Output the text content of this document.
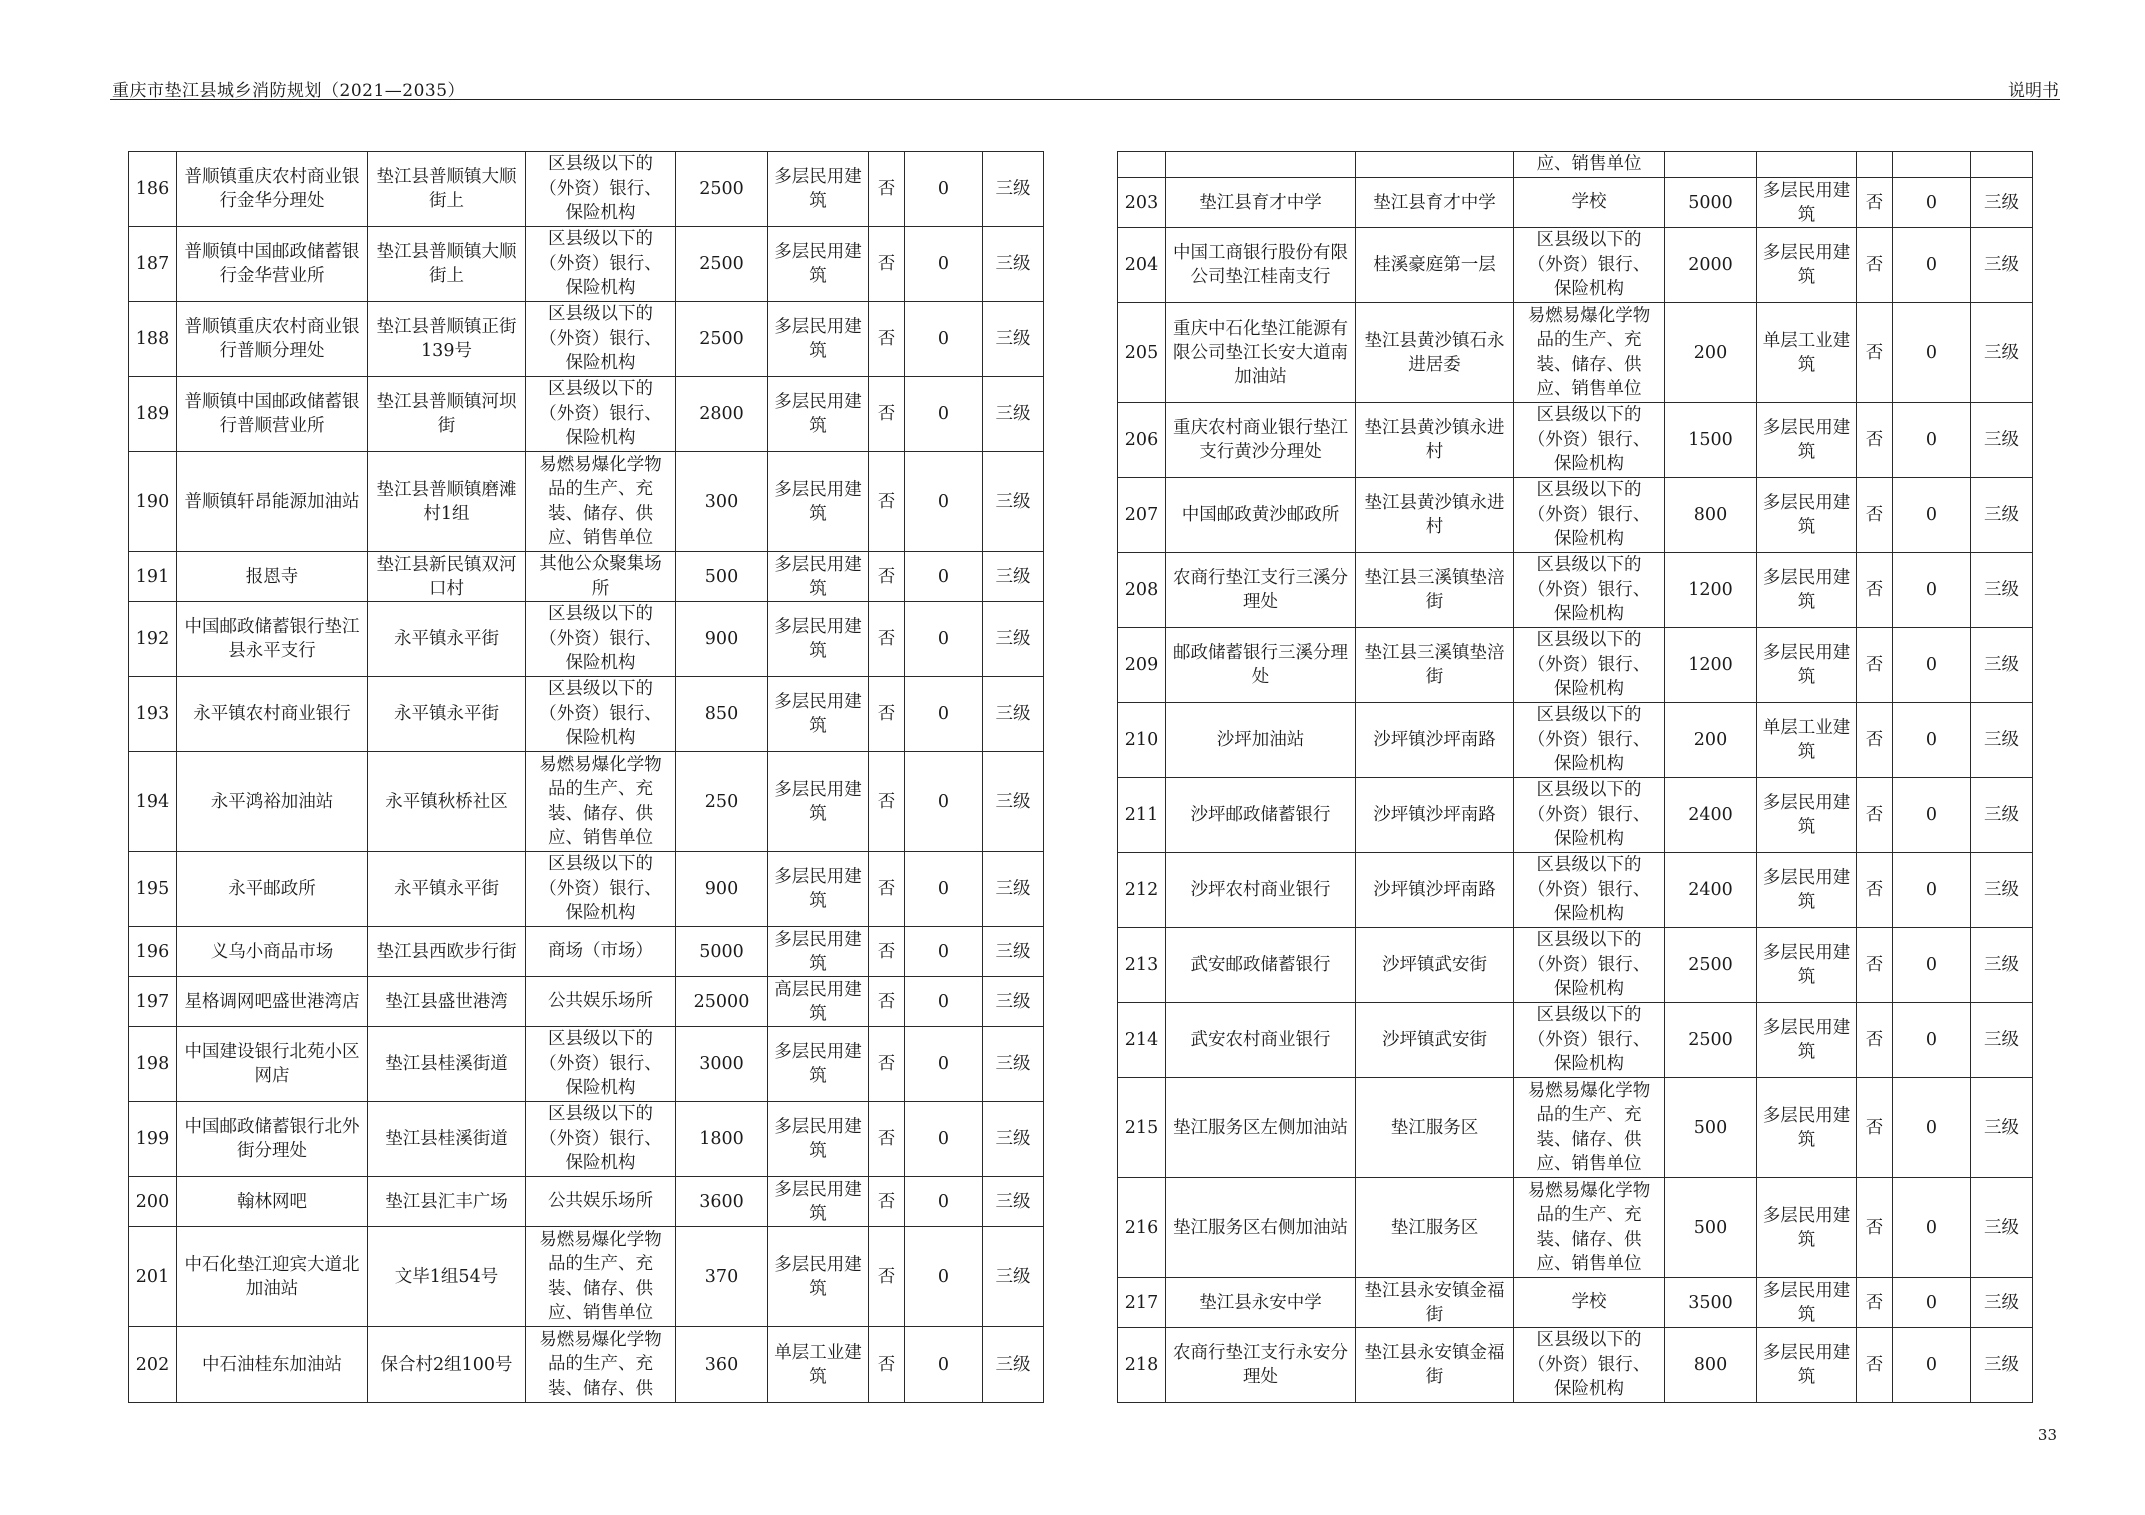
重庆市垫江县城乡消防规划（2021—2035）	说明书
186	普顺镇重庆农村商业银行金华分理处	垫江县普顺镇大顺街上	区县级以下的（外资）银行、保险机构	2500	多层民用建筑	否	0	三级
187	普顺镇中国邮政储蓄银行金华营业所	垫江县普顺镇大顺街上	区县级以下的（外资）银行、保险机构	2500	多层民用建筑	否	0	三级
188	普顺镇重庆农村商业银行普顺分理处	垫江县普顺镇正街139号	区县级以下的（外资）银行、保险机构	2500	多层民用建筑	否	0	三级
189	普顺镇中国邮政储蓄银行普顺营业所	垫江县普顺镇河坝街	区县级以下的（外资）银行、保险机构	2800	多层民用建筑	否	0	三级
190	普顺镇轩昂能源加油站	垫江县普顺镇磨滩村1组	易燃易爆化学物品的生产、充装、储存、供应、销售单位	300	多层民用建筑	否	0	三级
191	报恩寺	垫江县新民镇双河口村	其他公众聚集场所	500	多层民用建筑	否	0	三级
192	中国邮政储蓄银行垫江县永平支行	永平镇永平街	区县级以下的（外资）银行、保险机构	900	多层民用建筑	否	0	三级
193	永平镇农村商业银行	永平镇永平街	区县级以下的（外资）银行、保险机构	850	多层民用建筑	否	0	三级
194	永平鸿裕加油站	永平镇秋桥社区	易燃易爆化学物品的生产、充装、储存、供应、销售单位	250	多层民用建筑	否	0	三级
195	永平邮政所	永平镇永平街	区县级以下的（外资）银行、保险机构	900	多层民用建筑	否	0	三级
196	义乌小商品市场	垫江县西欧步行街	商场（市场）	5000	多层民用建筑	否	0	三级
197	星格调网吧盛世港湾店	垫江县盛世港湾	公共娱乐场所	25000	高层民用建筑	否	0	三级
198	中国建设银行北苑小区网店	垫江县桂溪街道	区县级以下的（外资）银行、保险机构	3000	多层民用建筑	否	0	三级
199	中国邮政储蓄银行北外街分理处	垫江县桂溪街道	区县级以下的（外资）银行、保险机构	1800	多层民用建筑	否	0	三级
200	翰林网吧	垫江县汇丰广场	公共娱乐场所	3600	多层民用建筑	否	0	三级
201	中石化垫江迎宾大道北加油站	文毕1组54号	易燃易爆化学物品的生产、充装、储存、供应、销售单位	370	多层民用建筑	否	0	三级
202	中石油桂东加油站	保合村2组100号	易燃易爆化学物品的生产、充装、储存、供	360	单层工业建筑	否	0	三级
			应、销售单位					
203	垫江县育才中学	垫江县育才中学	学校	5000	多层民用建筑	否	0	三级
204	中国工商银行股份有限公司垫江桂南支行	桂溪豪庭第一层	区县级以下的（外资）银行、保险机构	2000	多层民用建筑	否	0	三级
205	重庆中石化垫江能源有限公司垫江长安大道南加油站	垫江县黄沙镇石永进居委	易燃易爆化学物品的生产、充装、储存、供应、销售单位	200	单层工业建筑	否	0	三级
206	重庆农村商业银行垫江支行黄沙分理处	垫江县黄沙镇永进村	区县级以下的（外资）银行、保险机构	1500	多层民用建筑	否	0	三级
207	中国邮政黄沙邮政所	垫江县黄沙镇永进村	区县级以下的（外资）银行、保险机构	800	多层民用建筑	否	0	三级
208	农商行垫江支行三溪分理处	垫江县三溪镇垫涪街	区县级以下的（外资）银行、保险机构	1200	多层民用建筑	否	0	三级
209	邮政储蓄银行三溪分理处	垫江县三溪镇垫涪街	区县级以下的（外资）银行、保险机构	1200	多层民用建筑	否	0	三级
210	沙坪加油站	沙坪镇沙坪南路	区县级以下的（外资）银行、保险机构	200	单层工业建筑	否	0	三级
211	沙坪邮政储蓄银行	沙坪镇沙坪南路	区县级以下的（外资）银行、保险机构	2400	多层民用建筑	否	0	三级
212	沙坪农村商业银行	沙坪镇沙坪南路	区县级以下的（外资）银行、保险机构	2400	多层民用建筑	否	0	三级
213	武安邮政储蓄银行	沙坪镇武安街	区县级以下的（外资）银行、保险机构	2500	多层民用建筑	否	0	三级
214	武安农村商业银行	沙坪镇武安街	区县级以下的（外资）银行、保险机构	2500	多层民用建筑	否	0	三级
215	垫江服务区左侧加油站	垫江服务区	易燃易爆化学物品的生产、充装、储存、供应、销售单位	500	多层民用建筑	否	0	三级
216	垫江服务区右侧加油站	垫江服务区	易燃易爆化学物品的生产、充装、储存、供应、销售单位	500	多层民用建筑	否	0	三级
217	垫江县永安中学	垫江县永安镇金福街	学校	3500	多层民用建筑	否	0	三级
218	农商行垫江支行永安分理处	垫江县永安镇金福街	区县级以下的（外资）银行、保险机构	800	多层民用建筑	否	0	三级
33
